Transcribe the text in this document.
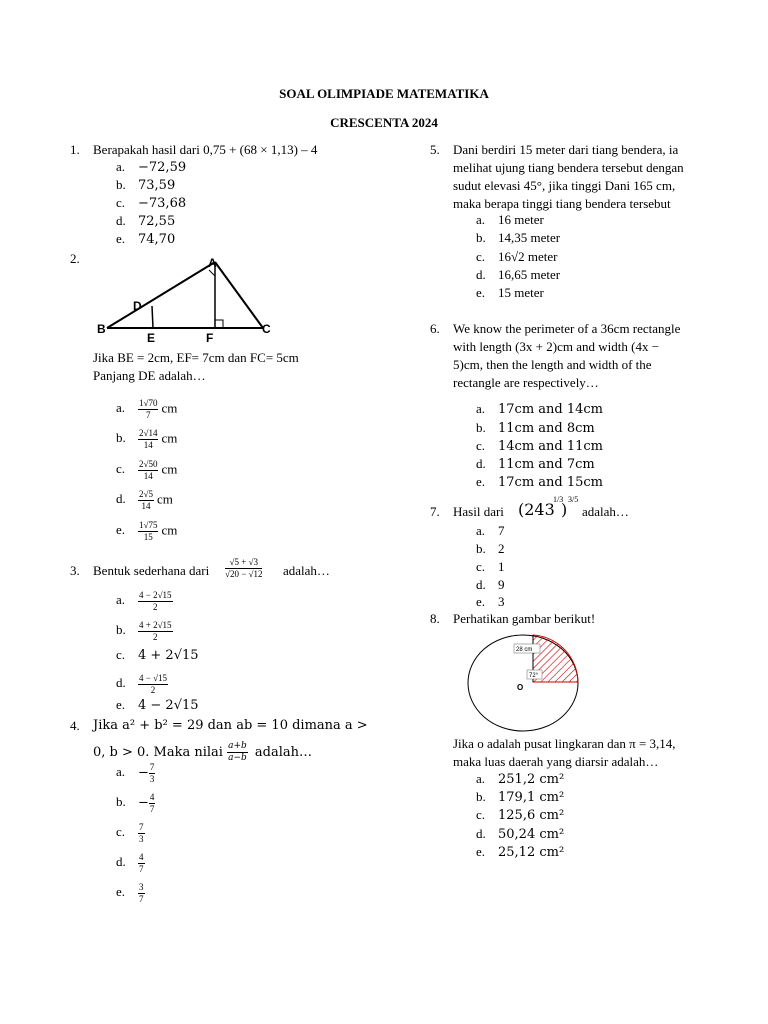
SOAL OLIMPIADE MATEMATIKA
CRESCENTA 2024
1.	Berapakah hasil dari 0,75 + (68 × 1,13) – 4
a. −72,59
b. 73,59
c. −73,68
d. 72,55
e. 74,70
2.	A
B	C
D
E	F
Jika BE = 2cm, EF= 7cm dan FC= 5cm
Panjang DE adalah…
a. $\frac{1√70}{7}$ cm
b. $\frac{2√14}{14}$ cm
c. $\frac{2√50}{14}$ cm
d. $\frac{2√5}{14}$ cm
e. $\frac{1√75}{15}$ cm
3.	Bentuk sederhana dari $\frac{√5 + √3}{√20 - √12}$ adalah…
a. $\frac{4 - 2√15}{2}$
b. $\frac{4 + 2√15}{2}$
c. 4 + 2√15
d. $\frac{4 - √15}{2}$
e. 4 − 2√15
4.	Jika a² + b² = 29 dan ab = 10 dimana a >
0, b > 0. Maka nilai $\frac{a+b}{a-b}$ adalah…
a. − $\frac{7}{3}$
b. − $\frac{4}{7}$
c. $\frac{7}{3}$
d. $\frac{4}{7}$
e. $\frac{3}{7}$
5.	Dani berdiri 15 meter dari tiang bendera, ia
melihat ujung tiang bendera tersebut dengan
sudut elevasi 45°, jika tinggi Dani 165 cm,
maka berapa tinggi tiang bendera tersebut
a. 16 meter
b. 14,35 meter
c. 16√2 meter
d. 16,65 meter
e. 15 meter
6.	We know the perimeter of a 36cm rectangle
with length (3x + 2)cm and width (4x −
5)cm, then the length and width of the
rectangle are respectively…
a. 17cm and 14cm
b. 11cm and 8cm
c. 14cm and 11cm
d. 11cm and 7cm
e. 17cm and 15cm
7.	Hasil dari (243
1/3
)
3/5
adalah…
a. 7
b. 2
c. 1
d. 9
e. 3
8.	Perhatikan gambar berikut!
28 cm
72°
O
Jika o adalah pusat lingkaran dan π = 3,14,
maka luas daerah yang diarsir adalah…
a. 251,2 cm²
b. 179,1 cm²
c. 125,6 cm²
d. 50,24 cm²
e. 25,12 cm²
